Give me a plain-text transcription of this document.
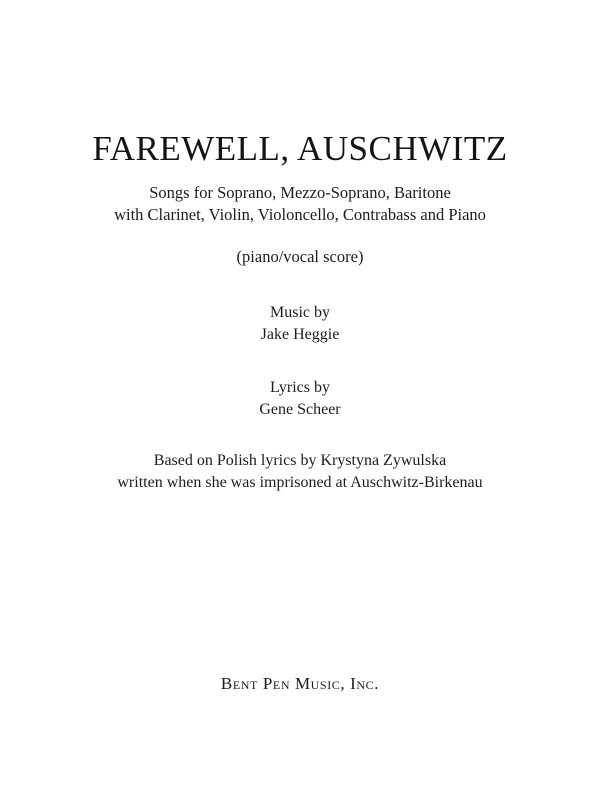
FAREWELL, AUSCHWITZ
Songs for Soprano, Mezzo-Soprano, Baritone
with Clarinet, Violin, Violoncello, Contrabass and Piano
(piano/vocal score)
Music by
Jake Heggie
Lyrics by
Gene Scheer
Based on Polish lyrics by Krystyna Zywulska
written when she was imprisoned at Auschwitz-Birkenau
Bent Pen Music, Inc.
